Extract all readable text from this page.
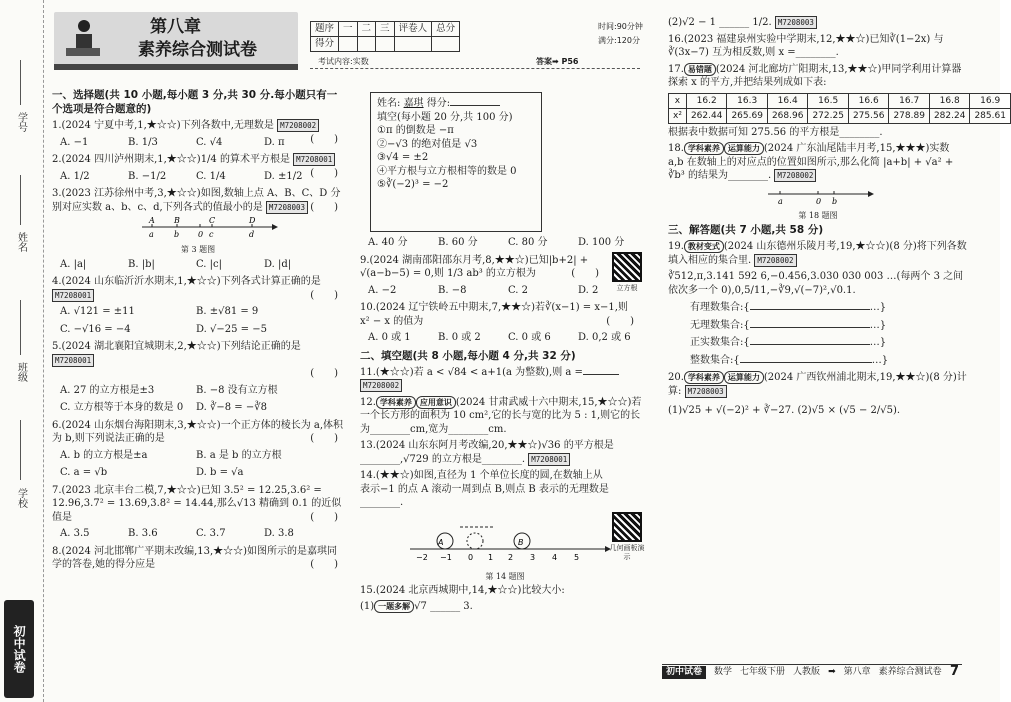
学号
姓名
班级
学校
初中试卷
第八章
素养综合测试卷
题序	一	二	三	评卷人	总分
得分					
时间:90分钟
满分:120分
考试内容:实数	答案➡ P56
一、选择题(共 10 小题,每小题 3 分,共 30 分.每小题只有一个选项是符合题意的)
1.(2024 宁夏中考,1,★☆☆)下列各数中,无理数是 M7208002
(　　)
A. −1	B. 1/3	C. √4	D. π
2.(2024 四川泸州期末,1,★☆☆)1/4 的算术平方根是 M7208001
(　　)
A. 1/2	B. −1/2	C. 1/4	D. ±1/2
3.(2023 江苏徐州中考,3,★☆☆)如图,数轴上点 A、B、C、D 分别对应实数 a、b、c、d,下列各式的值最小的是 M7208003 (　　)
A
a
B
b 0
C
c
D
d
第 3 题图
A. |a|	B. |b|	C. |c|	D. |d|
4.(2024 山东临沂沂水期末,1,★☆☆)下列各式计算正确的是
M7208001	(　　)
A. √121 = ±11	B. ±√81 = 9
C. −√16 = −4	D. √−25 = −5
5.(2024 湖北襄阳宜城期末,2,★☆☆)下列结论正确的是 M7208001

(　　)

A. 27 的立方根是±3	B. −8 没有立方根
C. 立方根等于本身的数是 0	D. ∛−8 = −∛8
6.(2024 山东烟台海阳期末,3,★☆☆)一个正方体的棱长为 a,体积为 b,则下列说法正确的是	(　　)
A. b 的立方根是±a	B. a 是 b 的立方根
C. a = √b	D. b = √a
7.(2023 北京丰台二模,7,★☆☆)已知 3.5² = 12.25,3.6² = 12.96,3.7² = 13.69,3.8² = 14.44,那么√13 精确到 0.1 的近似值是	(　　)
A. 3.5	B. 3.6	C. 3.7	D. 3.8
8.(2024 河北邯郸广平期末改编,13,★☆☆)如图所示的是嘉琪同学的答卷,她的得分应是	(　　)
姓名: 嘉琪 得分:
填空(每小题 20 分,共 100 分)
①π 的倒数是 −π
②−√3 的绝对值是 √3
③√4 = ±2
④平方根与立方根相等的数是 0
⑤∛(−2)³ = −2
A. 40 分	B. 60 分	C. 80 分	D. 100 分
9.(2024 湖南邵阳邵东月考,8,★★☆)已知|b+2| + √(a−b−5) = 0,则 1/3 ab³ 的立方根为	(　　)
A. −2	B. −8	C. 2	D. 2
10.(2024 辽宁铁岭五中期末,7,★★☆)若∛(x−1) = x−1,则 x² − x 的值为	(　　)
A. 0 或 1	B. 0 或 2	C. 0 或 6	D. 0,2 或 6
二、填空题(共 8 小题,每小题 4 分,共 32 分)
11.(★☆☆)若 a < √84 < a+1(a 为整数),则 a = M7208002
12. 学科素养 应用意识 (2024 甘肃武威十六中期末,15,★☆☆)若一个长方形的面积为 10 cm²,它的长与宽的比为 5 : 1,则它的长为________cm,宽为________cm.
13.(2024 山东东阿月考改编,20,★★☆)√36 的平方根是________,√729 的立方根是________. M7208001
14.(★★☆)如图,直径为 1 个单位长度的圆,在数轴上从表示−1 的点 A 滚动一周到点 B,则点 B 表示的无理数是________.
−2 −1 0 1 2 3 4 5
A	B
第 14 题图
15.(2024 北京西城期中,14,★☆☆)比较大小:
(1) 一题多解 √7 ______ 3.
立方根
几何画板演示
(2)√2 − 1 ______ 1/2. M7208003
16.(2023 福建泉州实验中学期末,12,★★☆)已知∛(1−2x) 与∛(3x−7) 互为相反数,则 x =________.
17. 易错题 (2024 河北廊坊广阳期末,13,★★☆)甲同学利用计算器探索 x 的平方,并把结果列成如下表:
x	16.2	16.3	16.4	16.5	16.6	16.7	16.8	16.9
x²	262.44	265.69	268.96	272.25	275.56	278.89	282.24	285.61
根据表中数据可知 275.56 的平方根是________.
18. 学科素养 运算能力 (2024 广东汕尾陆丰月考,15,★★★)实数 a,b 在数轴上的对应点的位置如图所示,那么化简 |a+b| + √a² + ∛b³ 的结果为________. M7208002
a	0 b
第 18 题图
三、解答题(共 7 小题,共 58 分)
19. 教材变式 (2024 山东德州乐陵月考,19,★☆☆)(8 分)将下列各数填入相应的集合里. M7208002
∛512,π,3.141 592 6,−0.456,3.030 030 003 …(每两个 3 之间依次多一个 0),0,5/11,−∛9,√(−7)²,√0.1.
有理数集合:{	…}
无理数集合:{	…}
正实数集合:{	…}
整数集合:{	…}
20. 学科素养 运算能力 (2024 广西钦州浦北期末,19,★★☆)(8 分)计算: M7208003
(1)√25 + √(−2)² + ∛−27. (2)√5 × (√5 − 2/√5).
初中试卷	数学 七年级下册 人教版 ➡ 第八章 素养综合测试卷 7
